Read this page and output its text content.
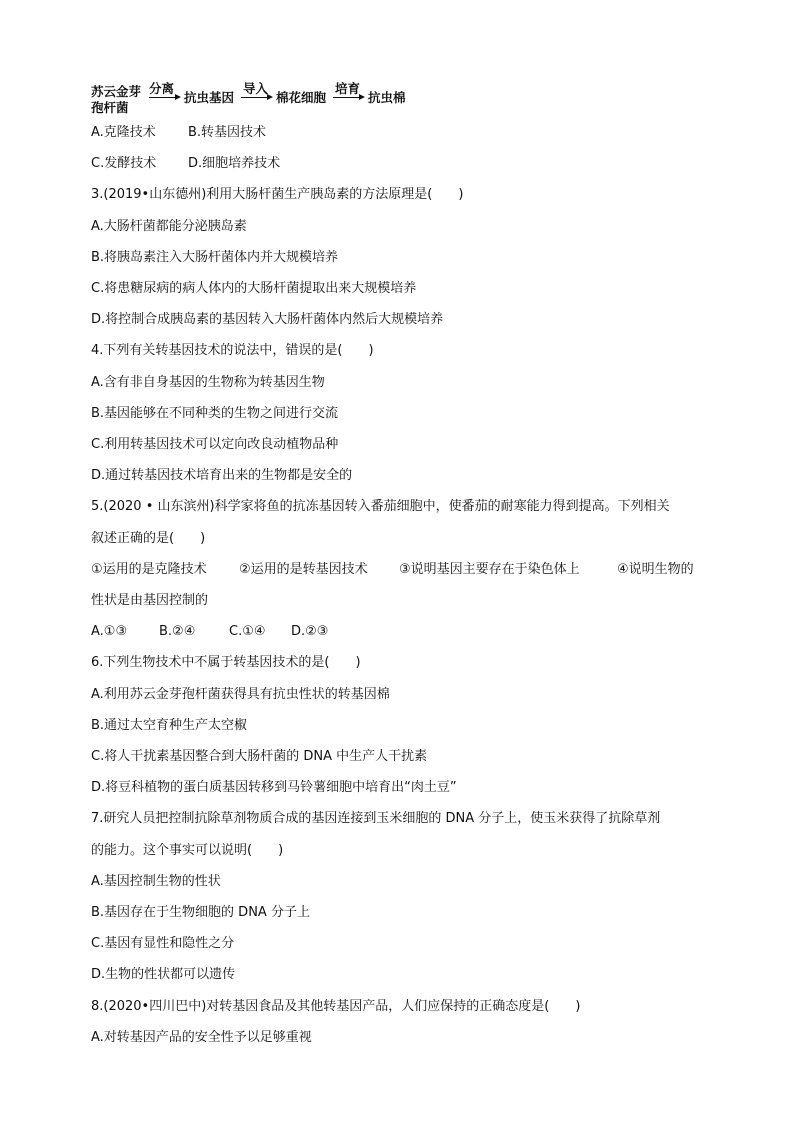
苏云金芽
孢杆菌
分离
抗虫基因
导入
棉花细胞
培育
抗虫棉
A.克隆技术 B.转基因技术
C.发酵技术 D.细胞培养技术
3.(2019•山东德州)利用大肠杆菌生产胰岛素的方法原理是(　　)
A.大肠杆菌都能分泌胰岛素
B.将胰岛素注入大肠杆菌体内并大规模培养
C.将患糖尿病的病人体内的大肠杆菌提取出来大规模培养
D.将控制合成胰岛素的基因转入大肠杆菌体内然后大规模培养
4.下列有关转基因技术的说法中，错误的是(　　)
A.含有非自身基因的生物称为转基因生物
B.基因能够在不同种类的生物之间进行交流
C.利用转基因技术可以定向改良动植物品种
D.通过转基因技术培育出来的生物都是安全的
5.(2020 • 山东滨州)科学家将鱼的抗冻基因转入番茄细胞中，使番茄的耐寒能力得到提高。下列相关
叙述正确的是(　　)
①运用的是克隆技术 ②运用的是转基因技术 ③说明基因主要存在于染色体上	④说明生物的
性状是由基因控制的
A.①③ B.②④	C.①④ D.②③
6.下列生物技术中不属于转基因技术的是(　　)
A.利用苏云金芽孢杆菌获得具有抗虫性状的转基因棉
B.通过太空育种生产太空椒
C.将人干扰素基因整合到大肠杆菌的 DNA 中生产人干扰素
D.将豆科植物的蛋白质基因转移到马铃薯细胞中培育出“肉土豆”
7.研究人员把控制抗除草剂物质合成的基因连接到玉米细胞的 DNA 分子上，使玉米获得了抗除草剂
的能力。这个事实可以说明(　　)
A.基因控制生物的性状
B.基因存在于生物细胞的 DNA 分子上
C.基因有显性和隐性之分
D.生物的性状都可以遗传
8.(2020•四川巴中)对转基因食品及其他转基因产品，人们应保持的正确态度是(　　)
A.对转基因产品的安全性予以足够重视
